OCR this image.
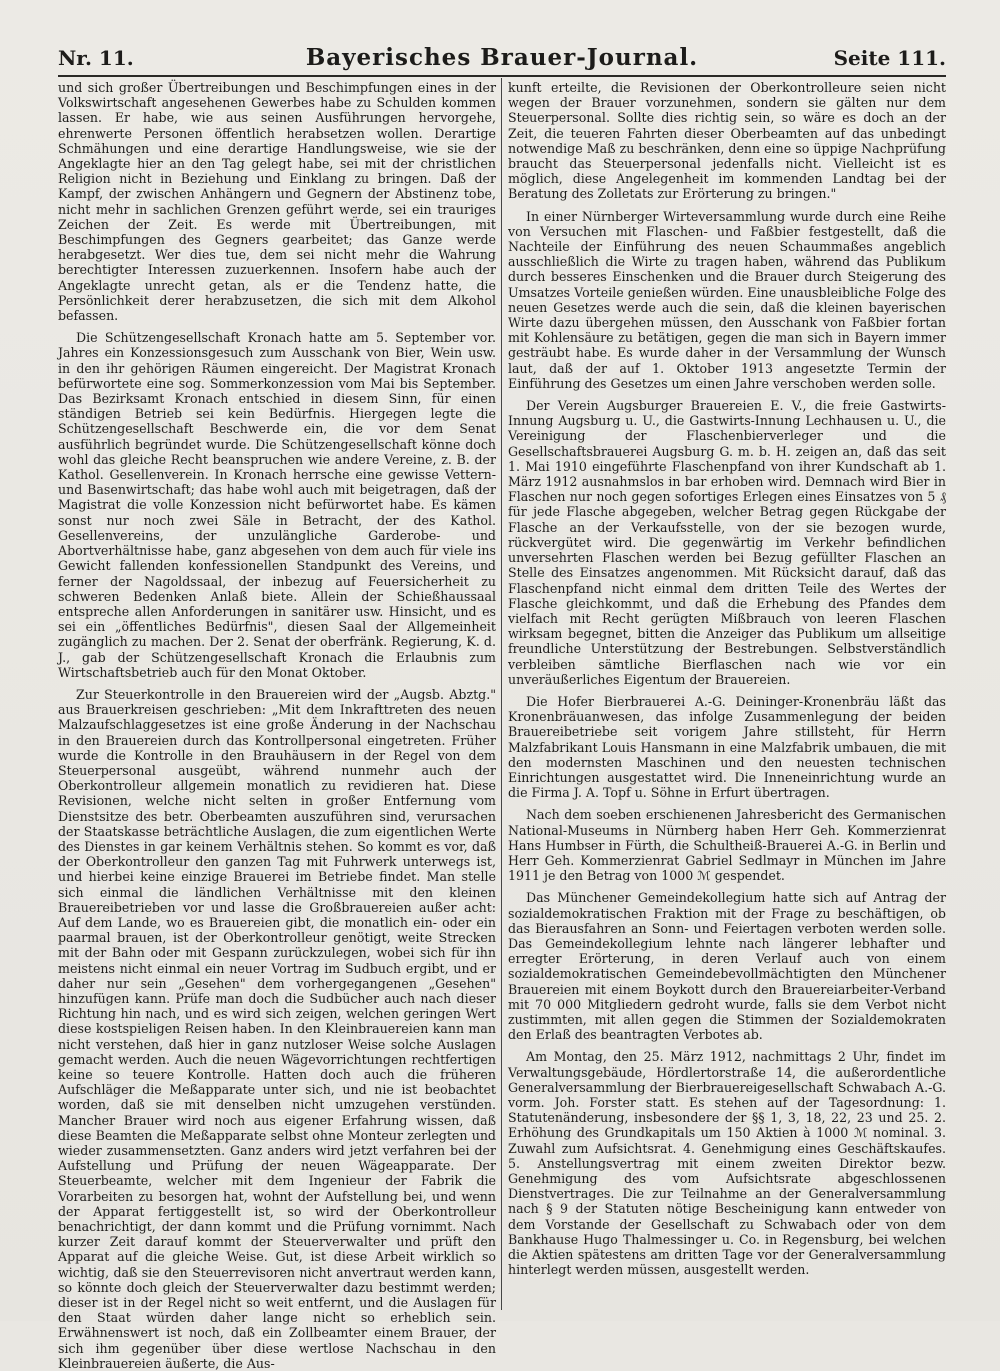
Nr. 11.	Bayerisches Brauer-Journal.	Seite 111.

und sich großer Übertreibungen und Beschimpfungen eines in der Volkswirtschaft angesehenen Gewerbes habe zu Schulden kommen lassen. Er habe, wie aus seinen Ausführungen hervorgehe, ehrenwerte Personen öffentlich herabsetzen wollen. Derartige Schmähungen und eine derartige Handlungsweise, wie sie der Angeklagte hier an den Tag gelegt habe, sei mit der christlichen Religion nicht in Beziehung und Einklang zu bringen. Daß der Kampf, der zwischen Anhängern und Gegnern der Abstinenz tobe, nicht mehr in sachlichen Grenzen geführt werde, sei ein trauriges Zeichen der Zeit. Es werde mit Übertreibungen, mit Beschimpfungen des Gegners gearbeitet; das Ganze werde herabgesetzt. Wer dies tue, dem sei nicht mehr die Wahrung berechtigter Interessen zuzuerkennen. Insofern habe auch der Angeklagte unrecht getan, als er die Tendenz hatte, die Persönlichkeit derer herabzusetzen, die sich mit dem Alkohol befassen.

Die Schützengesellschaft Kronach hatte am 5. September vor. Jahres ein Konzessionsgesuch zum Ausschank von Bier, Wein usw. in den ihr gehörigen Räumen eingereicht. Der Magistrat Kronach befürwortete eine sog. Sommerkonzession vom Mai bis September. Das Bezirksamt Kronach entschied in diesem Sinn, für einen ständigen Betrieb sei kein Bedürfnis. Hiergegen legte die Schützengesellschaft Beschwerde ein, die vor dem Senat ausführlich begründet wurde. Die Schützengesellschaft könne doch wohl das gleiche Recht beanspruchen wie andere Vereine, z. B. der Kathol. Gesellenverein. In Kronach herrsche eine gewisse Vettern- und Basenwirtschaft; das habe wohl auch mit beigetragen, daß der Magistrat die volle Konzession nicht befürwortet habe. Es kämen sonst nur noch zwei Säle in Betracht, der des Kathol. Gesellenvereins, der unzulängliche Garderobe- und Abortverhältnisse habe, ganz abgesehen von dem auch für viele ins Gewicht fallenden konfessionellen Standpunkt des Vereins, und ferner der Nagoldssaal, der inbezug auf Feuersicherheit zu schweren Bedenken Anlaß biete. Allein der Schießhaussaal entspreche allen Anforderungen in sanitärer usw. Hinsicht, und es sei ein „öffentliches Bedürfnis", diesen Saal der Allgemeinheit zugänglich zu machen. Der 2. Senat der oberfränk. Regierung, K. d. J., gab der Schützengesellschaft Kronach die Erlaubnis zum Wirtschaftsbetrieb auch für den Monat Oktober.

Zur Steuerkontrolle in den Brauereien wird der „Augsb. Abztg." aus Brauerkreisen geschrieben: „Mit dem Inkrafttreten des neuen Malzaufschlaggesetzes ist eine große Änderung in der Nachschau in den Brauereien durch das Kontrollpersonal eingetreten. Früher wurde die Kontrolle in den Brauhäusern in der Regel von dem Steuerpersonal ausgeübt, während nunmehr auch der Oberkontrolleur allgemein monatlich zu revidieren hat. Diese Revisionen, welche nicht selten in großer Entfernung vom Dienstsitze des betr. Oberbeamten auszuführen sind, verursachen der Staatskasse beträchtliche Auslagen, die zum eigentlichen Werte des Dienstes in gar keinem Verhältnis stehen. So kommt es vor, daß der Oberkontrolleur den ganzen Tag mit Fuhrwerk unterwegs ist, und hierbei keine einzige Brauerei im Betriebe findet. Man stelle sich einmal die ländlichen Verhältnisse mit den kleinen Brauereibetrieben vor und lasse die Großbrauereien außer acht: Auf dem Lande, wo es Brauereien gibt, die monatlich ein- oder ein paarmal brauen, ist der Oberkontrolleur genötigt, weite Strecken mit der Bahn oder mit Gespann zurückzulegen, wobei sich für ihn meistens nicht einmal ein neuer Vortrag im Sudbuch ergibt, und er daher nur sein „Gesehen" dem vorhergegangenen „Gesehen" hinzufügen kann. Prüfe man doch die Sudbücher auch nach dieser Richtung hin nach, und es wird sich zeigen, welchen geringen Wert diese kostspieligen Reisen haben. In den Kleinbrauereien kann man nicht verstehen, daß hier in ganz nutzloser Weise solche Auslagen gemacht werden. Auch die neuen Wägevorrichtungen rechtfertigen keine so teuere Kontrolle. Hatten doch auch die früheren Aufschläger die Meßapparate unter sich, und nie ist beobachtet worden, daß sie mit denselben nicht umzugehen verstünden. Mancher Brauer wird noch aus eigener Erfahrung wissen, daß diese Beamten die Meßapparate selbst ohne Monteur zerlegten und wieder zusammensetzten. Ganz anders wird jetzt verfahren bei der Aufstellung und Prüfung der neuen Wägeapparate. Der Steuerbeamte, welcher mit dem Ingenieur der Fabrik die Vorarbeiten zu besorgen hat, wohnt der Aufstellung bei, und wenn der Apparat fertiggestellt ist, so wird der Oberkontrolleur benachrichtigt, der dann kommt und die Prüfung vornimmt. Nach kurzer Zeit darauf kommt der Steuerverwalter und prüft den Apparat auf die gleiche Weise. Gut, ist diese Arbeit wirklich so wichtig, daß sie den Steuerrevisoren nicht anvertraut werden kann, so könnte doch gleich der Steuerverwalter dazu bestimmt werden; dieser ist in der Regel nicht so weit entfernt, und die Auslagen für den Staat würden daher lange nicht so erheblich sein. Erwähnenswert ist noch, daß ein Zollbeamter einem Brauer, der sich ihm gegenüber über diese wertlose Nachschau in den Kleinbrauereien äußerte, die Aus-

kunft erteilte, die Revisionen der Oberkontrolleure seien nicht wegen der Brauer vorzunehmen, sondern sie gälten nur dem Steuerpersonal. Sollte dies richtig sein, so wäre es doch an der Zeit, die teueren Fahrten dieser Oberbeamten auf das unbedingt notwendige Maß zu beschränken, denn eine so üppige Nachprüfung braucht das Steuerpersonal jedenfalls nicht. Vielleicht ist es möglich, diese Angelegenheit im kommenden Landtag bei der Beratung des Zolletats zur Erörterung zu bringen."

In einer Nürnberger Wirteversammlung wurde durch eine Reihe von Versuchen mit Flaschen- und Faßbier festgestellt, daß die Nachteile der Einführung des neuen Schaummaßes angeblich ausschließlich die Wirte zu tragen haben, während das Publikum durch besseres Einschenken und die Brauer durch Steigerung des Umsatzes Vorteile genießen würden. Eine unausbleibliche Folge des neuen Gesetzes werde auch die sein, daß die kleinen bayerischen Wirte dazu übergehen müssen, den Ausschank von Faßbier fortan mit Kohlensäure zu betätigen, gegen die man sich in Bayern immer gesträubt habe. Es wurde daher in der Versammlung der Wunsch laut, daß der auf 1. Oktober 1913 angesetzte Termin der Einführung des Gesetzes um einen Jahre verschoben werden solle.

Der Verein Augsburger Brauereien E. V., die freie Gastwirts-Innung Augsburg u. U., die Gastwirts-Innung Lechhausen u. U., die Vereinigung der Flaschenbierverleger und die Gesellschaftsbrauerei Augsburg G. m. b. H. zeigen an, daß das seit 1. Mai 1910 eingeführte Flaschenpfand von ihrer Kundschaft ab 1. März 1912 ausnahmslos in bar erhoben wird. Demnach wird Bier in Flaschen nur noch gegen sofortiges Erlegen eines Einsatzes von 5 ₰ für jede Flasche abgegeben, welcher Betrag gegen Rückgabe der Flasche an der Verkaufsstelle, von der sie bezogen wurde, rückvergütet wird. Die gegenwärtig im Verkehr befindlichen unversehrten Flaschen werden bei Bezug gefüllter Flaschen an Stelle des Einsatzes angenommen. Mit Rücksicht darauf, daß das Flaschenpfand nicht einmal dem dritten Teile des Wertes der Flasche gleichkommt, und daß die Erhebung des Pfandes dem vielfach mit Recht gerügten Mißbrauch von leeren Flaschen wirksam begegnet, bitten die Anzeiger das Publikum um allseitige freundliche Unterstützung der Bestrebungen. Selbstverständlich verbleiben sämtliche Bierflaschen nach wie vor ein unveräußerliches Eigentum der Brauereien.

Die Hofer Bierbrauerei A.-G. Deininger-Kronenbräu läßt das Kronenbräuanwesen, das infolge Zusammenlegung der beiden Brauereibetriebe seit vorigem Jahre stillsteht, für Herrn Malzfabrikant Louis Hansmann in eine Malzfabrik umbauen, die mit den modernsten Maschinen und den neuesten technischen Einrichtungen ausgestattet wird. Die Inneneinrichtung wurde an die Firma J. A. Topf u. Söhne in Erfurt übertragen.

Nach dem soeben erschienenen Jahresbericht des Germanischen National-Museums in Nürnberg haben Herr Geh. Kommerzienrat Hans Humbser in Fürth, die Schultheiß-Brauerei A.-G. in Berlin und Herr Geh. Kommerzienrat Gabriel Sedlmayr in München im Jahre 1911 je den Betrag von 1000 ℳ gespendet.

Das Münchener Gemeindekollegium hatte sich auf Antrag der sozialdemokratischen Fraktion mit der Frage zu beschäftigen, ob das Bierausfahren an Sonn- und Feiertagen verboten werden solle. Das Gemeindekollegium lehnte nach längerer lebhafter und erregter Erörterung, in deren Verlauf auch von einem sozialdemokratischen Gemeindebevollmächtigten den Münchener Brauereien mit einem Boykott durch den Brauereiarbeiter-Verband mit 70 000 Mitgliedern gedroht wurde, falls sie dem Verbot nicht zustimmten, mit allen gegen die Stimmen der Sozialdemokraten den Erlaß des beantragten Verbotes ab.

Am Montag, den 25. März 1912, nachmittags 2 Uhr, findet im Verwaltungsgebäude, Hördlertorstraße 14, die außerordentliche Generalversammlung der Bierbrauereigesellschaft Schwabach A.-G. vorm. Joh. Forster statt. Es stehen auf der Tagesordnung: 1. Statutenänderung, insbesondere der §§ 1, 3, 18, 22, 23 und 25. 2. Erhöhung des Grundkapitals um 150 Aktien à 1000 ℳ nominal. 3. Zuwahl zum Aufsichtsrat. 4. Genehmigung eines Geschäftskaufes. 5. Anstellungsvertrag mit einem zweiten Direktor bezw. Genehmigung des vom Aufsichtsrate abgeschlossenen Dienstvertrages. Die zur Teilnahme an der Generalversammlung nach § 9 der Statuten nötige Bescheinigung kann entweder von dem Vorstande der Gesellschaft zu Schwabach oder von dem Bankhause Hugo Thalmessinger u. Co. in Regensburg, bei welchen die Aktien spätestens am dritten Tage vor der Generalversammlung hinterlegt werden müssen, ausgestellt werden.
